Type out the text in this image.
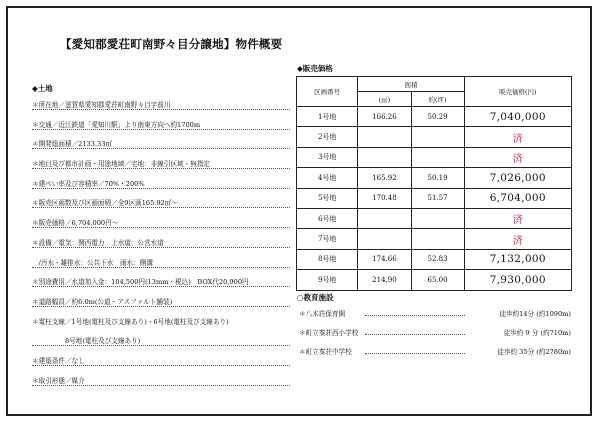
【愛知郡愛荘町南野々目分譲地】物件概要
◆土地
◆販売価格
○教育施設
＊所在地／滋賀県愛知郡愛荘町南野々目字前川
＊交通／近江鉄道「愛知川駅」より南東方向へ約1700m
＊開発総面積／2133.33㎡
＊地目及び都市計画・用途地域／宅地：非線引区域・無指定
＊建ぺい率及び容積率／70%・200%
＊販売区画数及び区画面積／全9区画165.92㎡～
＊販売価格／6,704,000円～
＊設備／電気：関西電力　上水道：公営水道
　/汚水・雑排水：公共下水　雨水：側溝
＊別途費用／水道加入金：104,500円(13mm・税込)　BOX代20,900円
＊道路幅員／約6.0m(公道・アスファルト舗装)
＊電柱支線／1号地(電柱及び支線あり)・6号地(電柱及び支線あり)
　　　　　8号地(電柱及び支線あり)
＊建築条件／なし
＊取引形態／媒介
区画番号	面積		販売価格(円)
	(㎡)	約(坪)	
1号地	166.26	50.29	7,040,000
2号地			済
3号地			済
4号地	165.92	50.19	7,026,000
5号地	170.48	51.57	6,704,000
6号地			済
7号地			済
8号地	174.66	52.83	7,132,000
9号地	214.90	65.00	7,930,000
＊八木荘保育園	徒歩約14分 (約1090m)
＊町立秦荘西小学校	徒歩約 9 分 (約710m)
＊町立秦荘中学校	徒歩約 35分 (約2780m)
